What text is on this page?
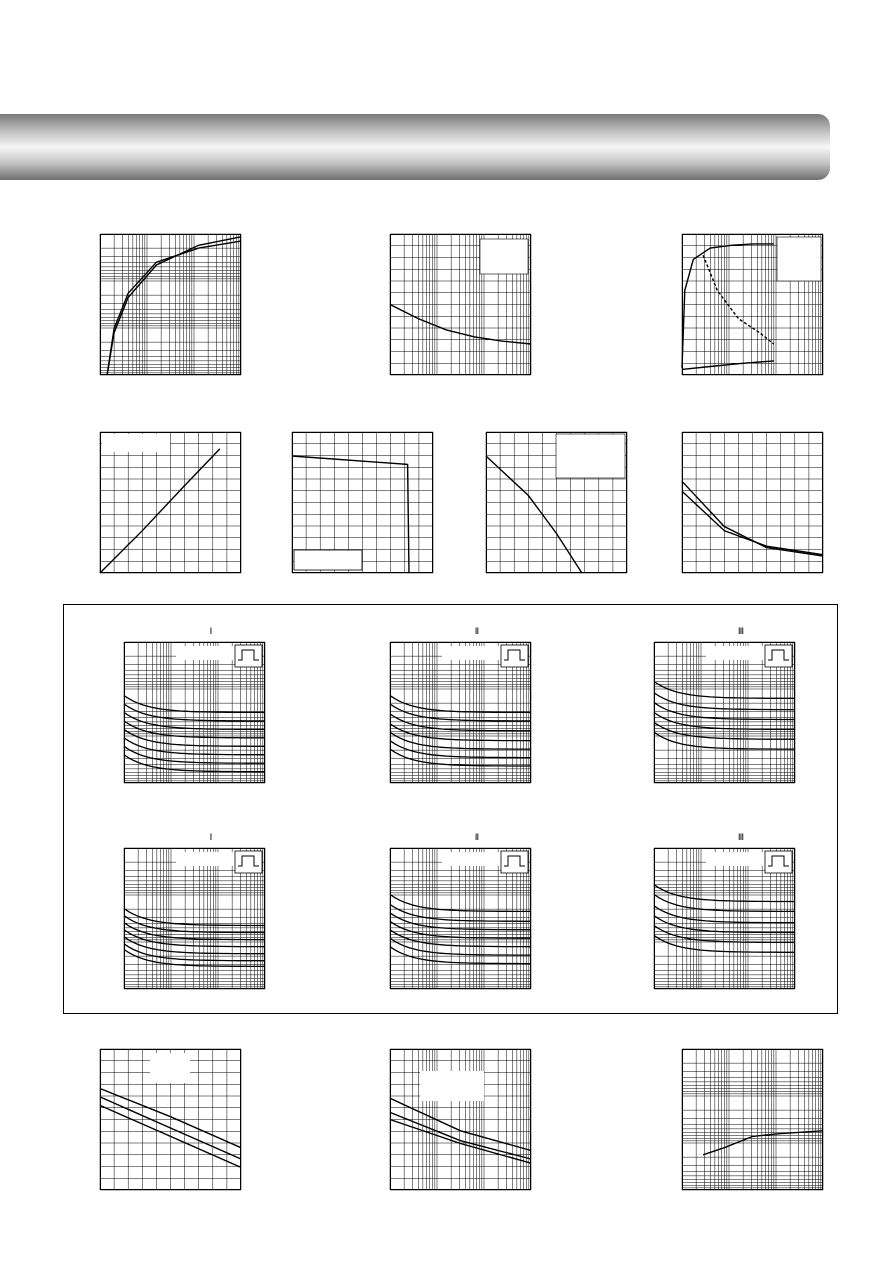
Ⅰ	Ⅱ	Ⅲ
Ⅰ	Ⅱ	Ⅲ
